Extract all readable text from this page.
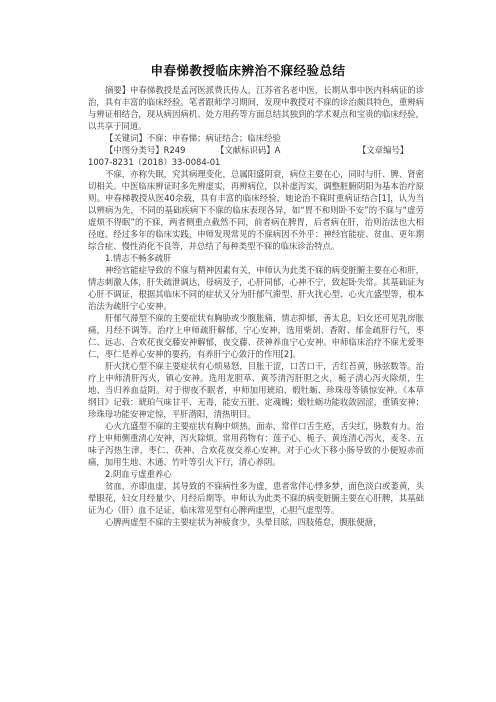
申春悌教授临床辨治不寐经验总结

摘要】申春悌教授是孟河医派费氏传人，江苏省名老中医，长期从事中医内科病证的诊治，具有丰富的临床经验。笔者跟师学习期间，发现申教授对不寐的诊治颇具特色，重辨病与辨证相结合，现从病因病机、处方用药等方面总结其独到的学术观点和宝贵的临床经验，以共享于同道。

【关键词】不寐；申春悌；病证结合；临床经验

【中图分类号】R249	【文献标识码】A	【文章编号】

1007-8231（2018）33-0084-01

不寐，亦称失眠，究其病理变化，总属阳盛阴衰，病位主要在心，同时与肝、脾、肾密切相关。中医临床辨证时多先辨虚实，再辨病位，以补虚泻实，调整脏腑阴阳为基本治疗原则。申春梯教授从医40余载，具有丰富的临床经验，她论治不寐时重病证结合[1]，认为当以辨病为先，不同的基础疾病下不寐的临床表现各异，如“胃不和则卧不安”的不寐与“虚劳虚烦不得眠”的不寐，两者侧重点截然不同，前者病在脾胃，后者病在肝，治则治法也大相径庭。经过多年的临床实践，申师发现常见的不寐病因不外乎：神经官能症、贫血、更年期综合症、慢性消化不良等，并总结了每种类型不寐的临床诊治特点。

1.情志不畅多疏肝

神经官能症导致的不寐与精神因素有关，申师认为此类不寐的病变脏腑主要在心和肝，情志刺激人体，肝失疏泄调达，母病及子，心肝同郁，心神不宁，致起卧失常。其基础证为心肝不调证，根据其临床不同的症状又分为肝郁气滞型、肝火扰心型、心火亢盛型等，根本治法为疏肝宁心安神。

肝郁气滞型不寐的主要症状有胸胁或少腹胀痛，情志抑郁，善太息，妇女还可见乳房胀痛，月经不调等。治疗上申师疏肝解郁，宁心安神，选用柴胡、香附、郁金疏肝行气，枣仁、远志、合欢花夜交藤安神解郁，夜交藤、茯神养血宁心安神。申师临床治疗不寐尤爱枣仁，枣仁是养心安神的要药，有养肝宁心敛汗的作用[2]。

肝火扰心型不寐主要症状有心烦易怒，目胀干涩，口苦口干，舌红苔黄，脉弦数等。治疗上申师清肝泻火，镇心安神。选用龙胆草、黄芩清泻肝胆之火，栀子清心泻火除烦，生地、当归养血益阴。对于彻夜不眠者，申师加用琥珀、煅牡蛎、珍珠母等镇惊安神。《本草纲目》记载：琥珀气味甘平、无毒，能安五脏、定魂魄；煅牡蛎功能收敛固涩，重镇安神；珍珠母功能安神定惊，平肝潜阳，清热明目。

心火亢盛型不寐的主要症状有胸中烦热，面赤，常伴口舌生疮，舌尖红，脉数有力。治疗上申师侧重清心安神，泻火除烦。常用药物有：莲子心、栀子、黄连清心泻火，麦冬、五味子泻热生津，枣仁、茯神、合欢花夜交养心安神。对于心火下移小肠导致的小便短赤而痛，加用生地、木通、竹叶等引火下行，清心养阴。

2.阴血亏虚重养心

贫血，亦即血虚，其导致的不寐病性多为虚，患者常伴心悸多梦，面色淡白或萎黄，头晕眼花，妇女月经量少、月经后期等。申师认为此类不寐的病变脏腑主要在心肝脾，其基础证为心（肝）血不足证，临床常见型有心脾两虚型，心胆气虚型等。

心脾两虚型不寐的主要症状为神疲食少，头晕目眩，四肢倦怠，腹胀便溏，
